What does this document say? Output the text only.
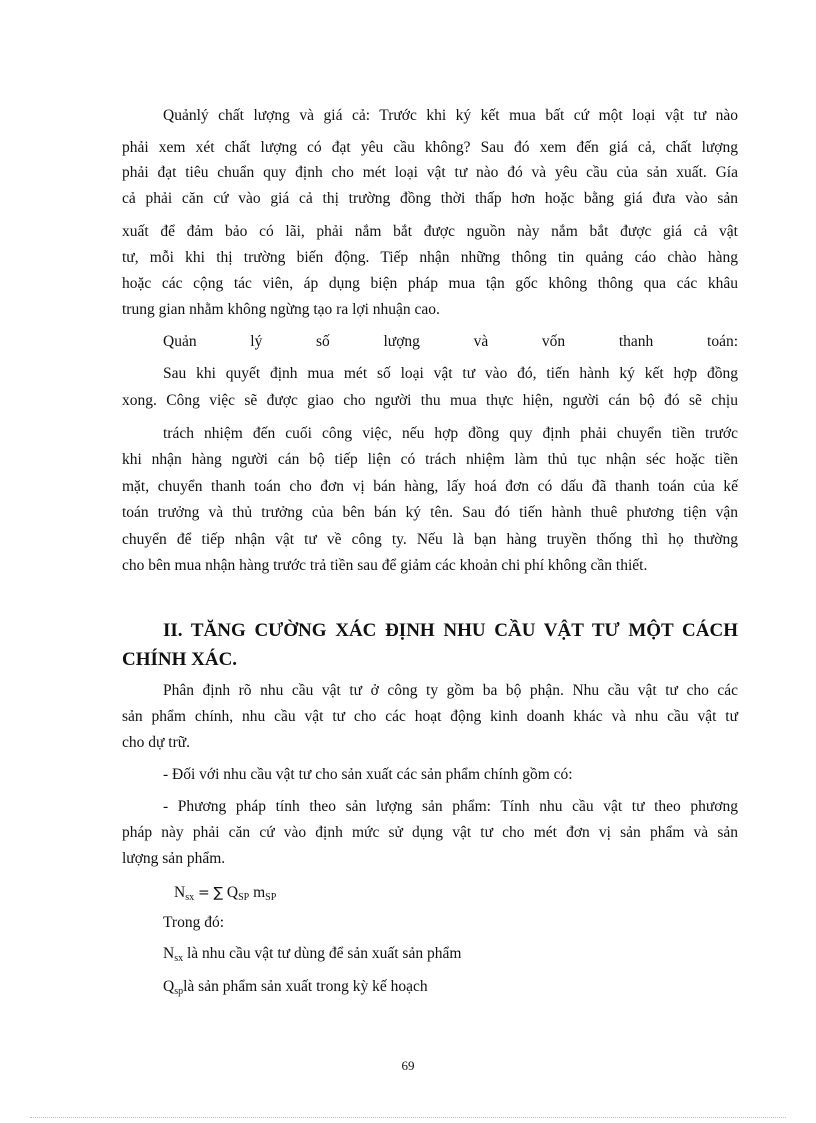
Quảnlý chất lượng và giá cả: Trước khi ký kết mua bất cứ một loại vật tư nào

phải xem xét chất lượng có đạt yêu cầu không? Sau đó xem đến giá cả, chất lượng

phải đạt tiêu chuẩn quy định cho mét loại vật tư nào đó và yêu cầu của sản xuất. Gía

cả phải căn cứ vào giá cả thị trường đồng thời thấp hơn hoặc bằng giá đưa vào sản

xuất để đảm bảo có lãi, phải nắm bắt được nguồn này nắm bắt được giá cả vật

tư, mỗi khi thị trường biến động. Tiếp nhận những thông tin quảng cáo chào hàng

hoặc các cộng tác viên, áp dụng biện pháp mua tận gốc không thông qua các khâu

trung gian nhằm không ngừng tạo ra lợi nhuận cao.

Quản lý số lượng và vốn thanh toán:

Sau khi quyết định mua mét số loại vật tư vào đó, tiến hành ký kết hợp đồng

xong. Công việc sẽ được giao cho người thu mua thực hiện, người cán bộ đó sẽ chịu

trách nhiệm đến cuối công việc, nếu hợp đồng quy định phải chuyển tiền trước

khi nhận hàng người cán bộ tiếp liện có trách nhiệm làm thủ tục nhận séc hoặc tiền

mặt, chuyển thanh toán cho đơn vị bán hàng, lấy hoá đơn có dấu đã thanh toán của kế

toán trưởng và thủ trưởng của bên bán ký tên. Sau đó tiến hành thuê phương tiện vận

chuyển để tiếp nhận vật tư về công ty. Nếu là bạn hàng truyền thống thì họ thường

cho bên mua nhận hàng trước trả tiền sau để giảm các khoản chi phí không cần thiết.

II. TĂNG CƯỜNG XÁC ĐỊNH NHU CẦU VẬT TƯ MỘT CÁCH

CHÍNH XÁC.

Phân định rõ nhu cầu vật tư ở công ty gồm ba bộ phận. Nhu cầu vật tư cho các

sản phẩm chính, nhu cầu vật tư cho các hoạt động kinh doanh khác và nhu cầu vật tư

cho dự trữ.

- Đối với nhu cầu vật tư cho sản xuất các sản phẩm chính gồm có:

- Phương pháp tính theo sản lượng sản phẩm: Tính nhu cầu vật tư theo phương

pháp này phải căn cứ vào định mức sử dụng vật tư cho mét đơn vị sản phẩm và sản

lượng sản phẩm.

$N_{sx}$ = ∑ $Q_{SP}$ $m_{SP}$

Trong đó:

$N_{sx}$ là nhu cầu vật tư dùng để sản xuất sản phẩm

$Q_{sp}là$ sản phẩm sản xuất trong kỳ kế hoạch

69
